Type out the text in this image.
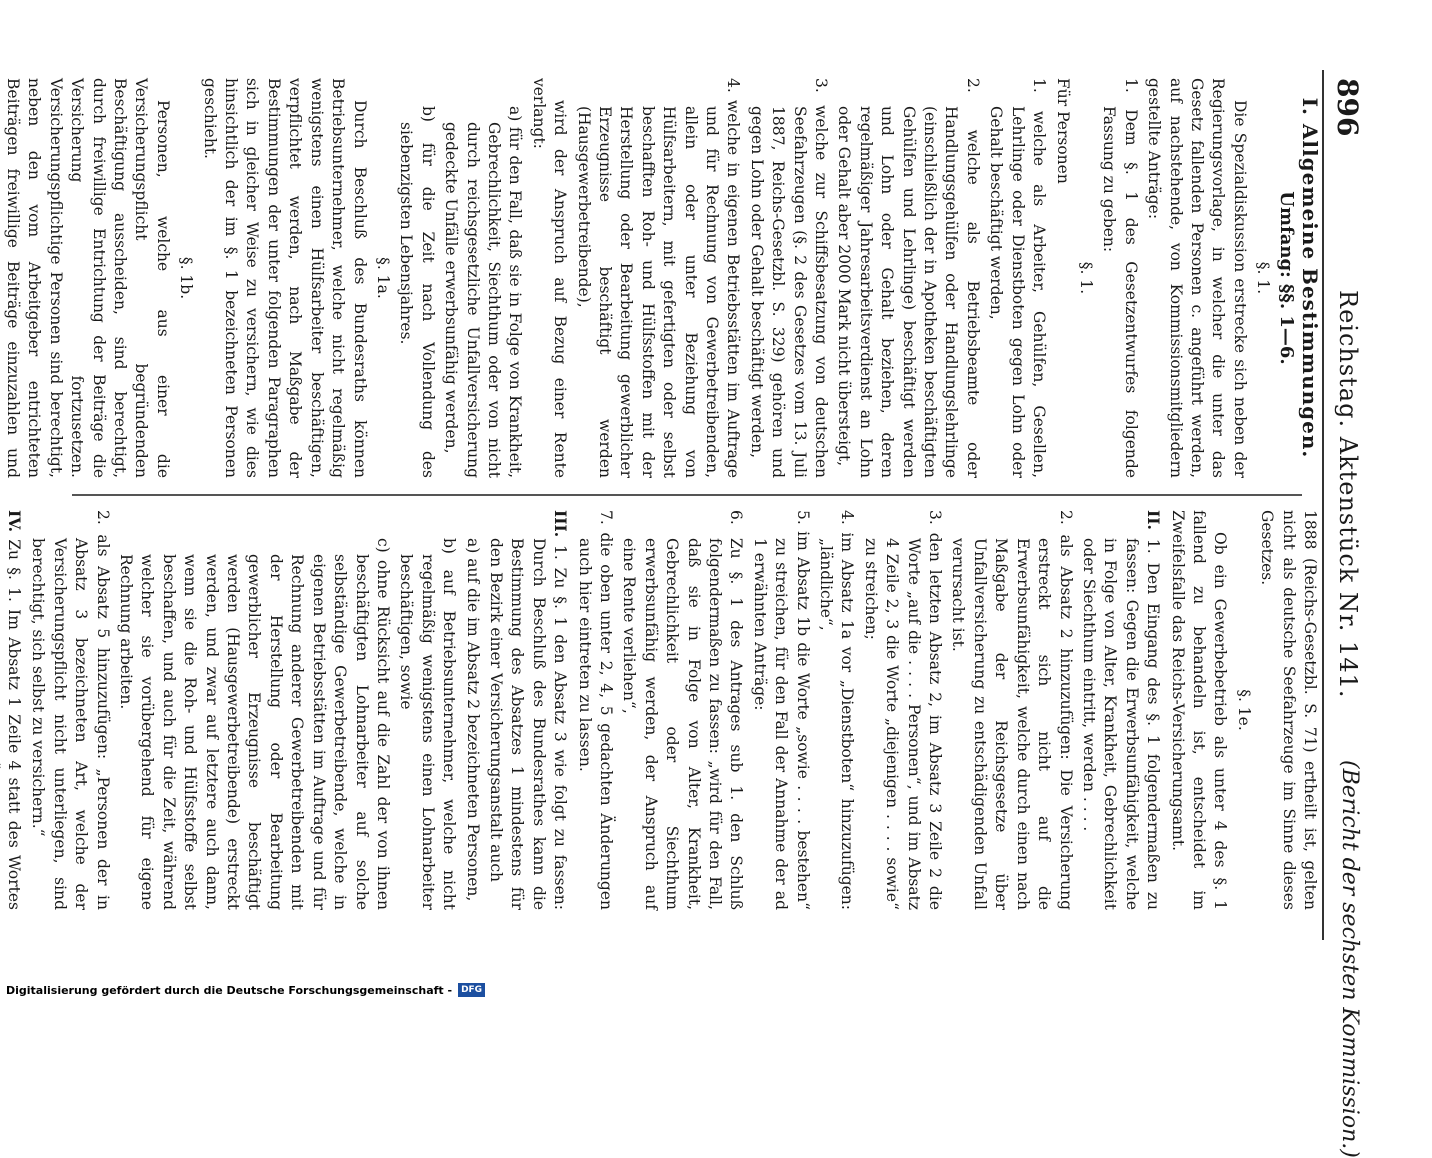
896
Reichstag. Aktenstück Nr. 141.
(Bericht der sechsten Kommission.)

I. Allgemeine Bestimmungen.

Umfang: §§. 1—6.

§. 1.

Die Spezialdiskussion erstrecke sich neben der Regierungsvorlage, in welcher die unter das Gesetz fallenden Personen c. angeführt werden, auf nachstehende, von Kommissionsmitgliedern gestellte Anträge:

1. Dem §. 1 des Gesetzentwurfes folgende Fassung zu geben:

§. 1.

Für Personen

1. welche als Arbeiter, Gehülfen, Gesellen, Lehrlinge oder Dienstboten gegen Lohn oder Gehalt beschäftigt werden,

2. welche als Betriebsbeamte oder Handlungsgehülfen oder Handlungslehrlinge (einschließlich der in Apotheken beschäftigten Gehülfen und Lehrlinge) beschäftigt werden und Lohn oder Gehalt beziehen, deren regelmäßiger Jahresarbeitsverdienst an Lohn oder Gehalt aber 2000 Mark nicht übersteigt,

3. welche zur Schiffsbesatzung von deutschen Seefahrzeugen (§. 2 des Gesetzes vom 13. Juli 1887, Reichs-Gesetzbl. S. 329) gehören und gegen Lohn oder Gehalt beschäftigt werden,

4. welche in eigenen Betriebsstätten im Auftrage und für Rechnung von Gewerbetreibenden, allein oder unter Beziehung von Hülfsarbeitern, mit gefertigten oder selbst beschafften Roh- und Hülfsstoffen mit der Herstellung oder Bearbeitung gewerblicher Erzeugnisse beschäftigt werden (Hausgewerbetreibende),

wird der Anspruch auf Bezug einer Rente verlangt:

a) für den Fall, daß sie in Folge von Krankheit, Gebrechlichkeit, Siechthum oder von nicht durch reichsgesetzliche Unfallversicherung gedeckte Unfälle erwerbsunfähig werden,

b) für die Zeit nach Vollendung des siebenzigsten Lebensjahres.

§. 1a.

Durch Beschluß des Bundesraths können Betriebsunternehmer, welche nicht regelmäßig wenigstens einen Hülfsarbeiter beschäftigen, verpflichtet werden, nach Maßgabe der Bestimmungen der unter folgenden Paragraphen sich in gleicher Weise zu versichern, wie dies hinsichtlich der im §. 1 bezeichneten Personen geschieht.

§. 1b.

Personen, welche aus einer die Versicherungspflicht begründenden Beschäftigung ausscheiden, sind berechtigt, durch freiwillige Entrichtung der Beiträge die Versicherung fortzusetzen. Versicherungspflichtige Personen sind berechtigt, neben den vom Arbeitgeber entrichteten Beiträgen freiwillige Beiträge einzuzahlen und

1888 (Reichs-Gesetzbl. S. 71) ertheilt ist, gelten nicht als deutsche Seefahrzeuge im Sinne dieses Gesetzes.

§. 1e.

Ob ein Gewerbebetrieb als unter 4 des §. 1 fallend zu behandeln ist, entscheidet im Zweifelsfalle das Reichs-Versicherungsamt.

II. 1. Den Eingang des §. 1 folgendermaßen zu fassen: Gegen die Erwerbsunfähigkeit, welche in Folge von Alter, Krankheit, Gebrechlichkeit oder Siechthum eintritt, werden . . . .

2. als Absatz 2 hinzuzufügen: Die Versicherung erstreckt sich nicht auf die Erwerbsunfähigkeit, welche durch einen nach Maßgabe der Reichsgesetze über Unfallversicherung zu entschädigenden Unfall verursacht ist.

3. den letzten Absatz 2, im Absatz 3 Zeile 2 die Worte „auf die . . . . Personen“, und im Absatz 4 Zeile 2, 3 die Worte „diejenigen . . . . sowie“ zu streichen;

4. im Absatz 1a vor „Dienstboten“ hinzuzufügen: „ländliche“,

5. im Absatz 1b die Worte „sowie . . . . bestehen“ zu streichen, für den Fall der Annahme der ad 1 erwähnten Anträge:

6. Zu §. 1 des Antrages sub 1. den Schluß folgendermaßen zu fassen: „wird für den Fall, daß sie in Folge von Alter, Krankheit, Gebrechlichkeit oder Siechthum erwerbsunfähig werden, der Anspruch auf eine Rente verliehen“,

7. die oben unter 2, 4, 5 gedachten Änderungen auch hier eintreten zu lassen.

III. 1. Zu §. 1 den Absatz 3 wie folgt zu fassen: Durch Beschluß des Bundesrathes kann die Bestimmung des Absatzes 1 mindestens für den Bezirk einer Versicherungsanstalt auch

a) auf die im Absatz 2 bezeichneten Personen,

b) auf Betriebsunternehmer, welche nicht regelmäßig wenigstens einen Lohnarbeiter beschäftigen, sowie

c) ohne Rücksicht auf die Zahl der von ihnen beschäftigten Lohnarbeiter auf solche selbständige Gewerbetreibende, welche in eigenen Betriebsstätten im Auftrage und für Rechnung anderer Gewerbetreibenden mit der Herstellung oder Bearbeitung gewerblicher Erzeugnisse beschäftigt werden (Hausgewerbetreibende) erstreckt werden, und zwar auf letztere auch dann, wenn sie die Roh- und Hülfsstoffe selbst beschaffen, und auch für die Zeit, während welcher sie vorübergehend für eigene Rechnung arbeiten.

2. als Absatz 5 hinzuzufügen: „Personen der in Absatz 3 bezeichneten Art, welche der Versicherungspflicht nicht unterliegen, sind berechtigt, sich selbst zu versichern.“

IV. Zu §. 1. Im Absatz 1 Zeile 4 statt des Wortes

Digitalisierung gefördert durch die Deutsche Forschungsgemeinschaft -	DFG
